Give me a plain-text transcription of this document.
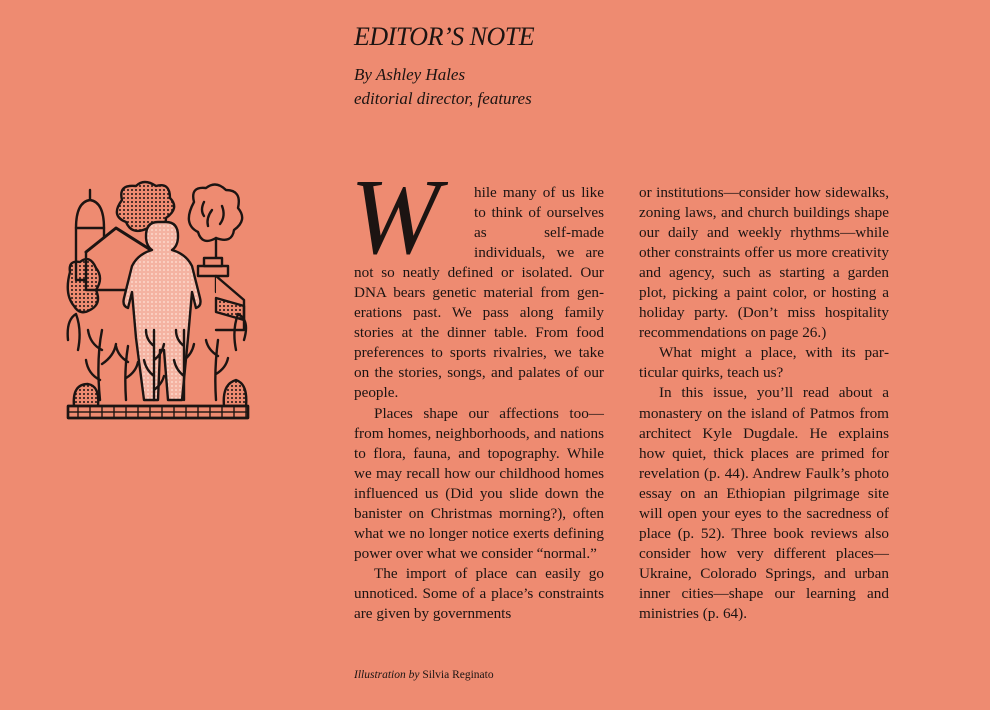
EDITOR’S NOTE
By Ashley Hales
editorial director, features

W	hile many of us like to think of ourselves as self-made individuals, we are not so neatly defined or isolated. Our DNA bears genetic material from generations past. We pass along family stories at the dinner table. From food preferences to sports rivalries, we take on the stories, songs, and palates of our people.

Places shape our affections too—from homes, neighborhoods, and nations to flora, fauna, and topography. While we may recall how our childhood homes influenced us (Did you slide down the banister on Christmas morning?), often what we no longer notice exerts defining power over what we consider “normal.”

The import of place can easily go unnoticed. Some of a place’s constraints are given by governments

or institutions—consider how sidewalks, zoning laws, and church buildings shape our daily and weekly rhythms—while other constraints offer us more creativity and agency, such as starting a garden plot, picking a paint color, or hosting a holiday party. (Don’t miss hospitality recommendations on page 26.)

What might a place, with its particular quirks, teach us?

In this issue, you’ll read about a monastery on the island of Patmos from architect Kyle Dugdale. He explains how quiet, thick places are primed for revelation (p. 44). Andrew Faulk’s photo essay on an Ethiopian pilgrimage site will open your eyes to the sacredness of place (p. 52). Three book reviews also consider how very different places—Ukraine, Colorado Springs, and urban inner cities—shape our learning and ministries (p. 64).

Illustration by Silvia Reginato
